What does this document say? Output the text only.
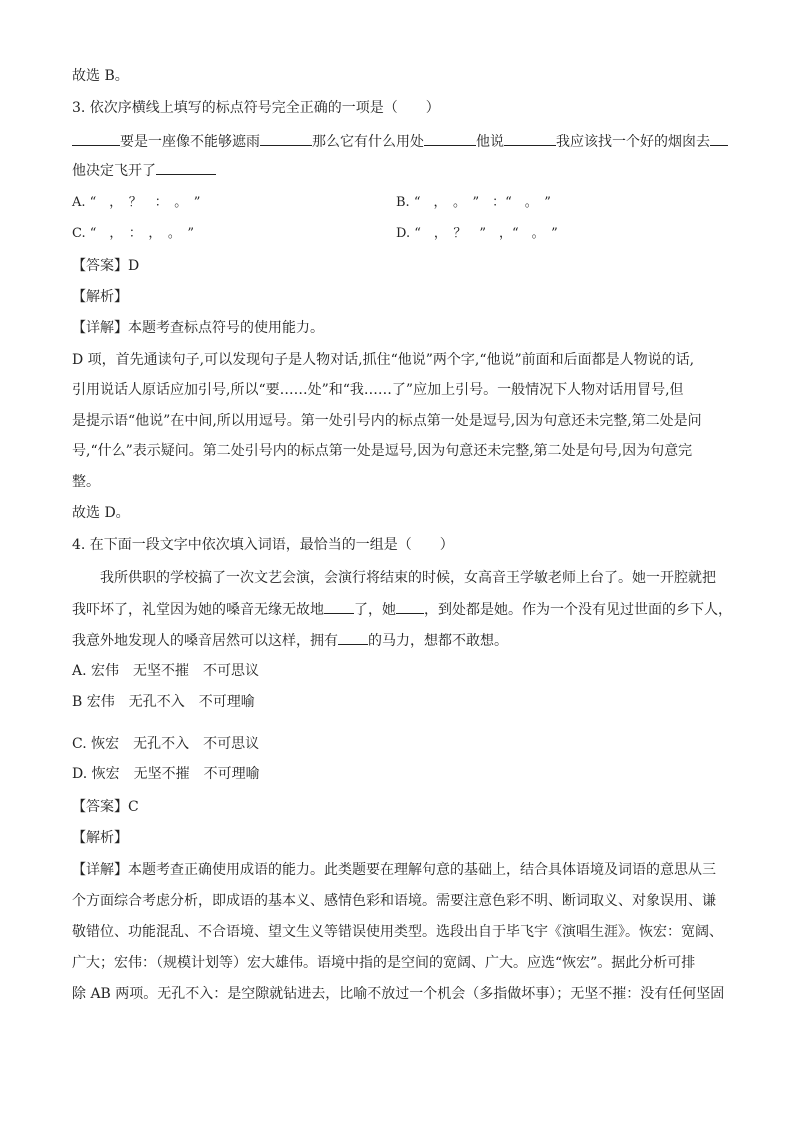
故选 B。
3. 依次序横线上填写的标点符号完全正确的一项是（　　）
要是一座像不能够遮雨	那么它有什么用处	他说	我应该找一个好的烟囱去
他决定飞开了
A. “　，　？　：　。　”	B. “　，　。　”　：“　。　”
C. “　，　：　，　。　”	D. “　，　？　”　，“　。　”
【答案】D
【解析】
【详解】本题考查标点符号的使用能力。
D 项，首先通读句子,可以发现句子是人物对话,抓住“他说”两个字,“他说”前面和后面都是人物说的话,
引用说话人原话应加引号,所以“要……处”和“我……了”应加上引号。一般情况下人物对话用冒号,但
是提示语“他说”在中间,所以用逗号。第一处引号内的标点第一处是逗号,因为句意还未完整,第二处是问
号,“什么”表示疑问。第二处引号内的标点第一处是逗号,因为句意还未完整,第二处是句号,因为句意完
整。
故选 D。
4. 在下面一段文字中依次填入词语，最恰当的一组是（　　）
我所供职的学校搞了一次文艺会演，会演行将结束的时候，女高音王学敏老师上台了。她一开腔就把
我吓坏了，礼堂因为她的嗓音无缘无故地 了，她 ，到处都是她。作为一个没有见过世面的乡下人，
我意外地发现人的嗓音居然可以这样，拥有 的马力，想都不敢想。
A. 宏伟　无坚不摧　不可思议
B 宏伟　无孔不入　不可理喻
C. 恢宏　无孔不入　不可思议
D. 恢宏　无坚不摧　不可理喻
【答案】C
【解析】
【详解】本题考查正确使用成语的能力。此类题要在理解句意的基础上，结合具体语境及词语的意思从三
个方面综合考虑分析，即成语的基本义、感情色彩和语境。需要注意色彩不明、断词取义、对象误用、谦
敬错位、功能混乱、不合语境、望文生义等错误使用类型。选段出自于毕飞宇《演唱生涯》。恢宏：宽阔、
广大；宏伟：（规模计划等）宏大雄伟。语境中指的是空间的宽阔、广大。应选“恢宏”。据此分析可排
除 AB 两项。无孔不入：是空隙就钻进去，比喻不放过一个机会（多指做坏事）；无坚不摧：没有任何坚固
